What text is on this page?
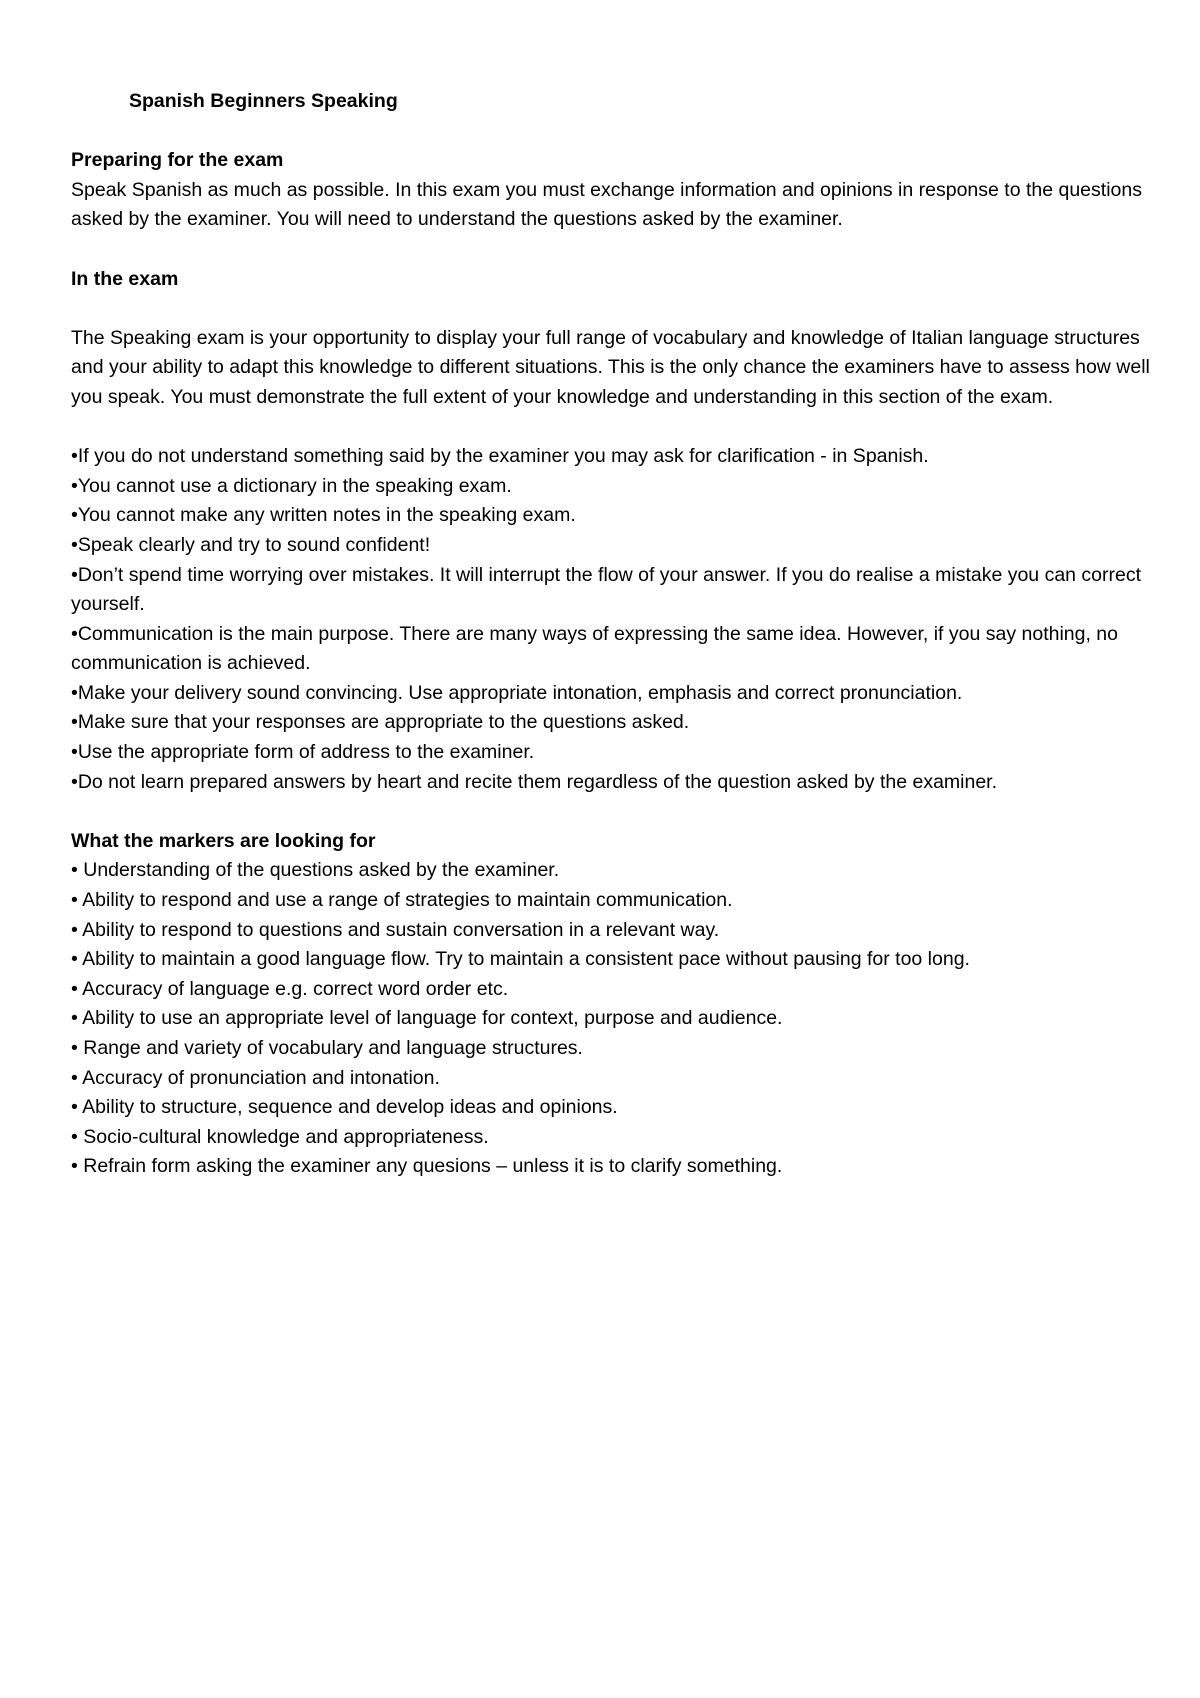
Spanish Beginners Speaking

Preparing for the exam

Speak Spanish as much as possible. In this exam you must exchange information and opinions in response to the questions asked by the examiner. You will need to understand the questions asked by the examiner.

In the exam

The Speaking exam is your opportunity to display your full range of vocabulary and knowledge of Italian language structures and your ability to adapt this knowledge to different situations. This is the only chance the examiners have to assess how well you speak. You must demonstrate the full extent of your knowledge and understanding in this section of the exam.

•If you do not understand something said by the examiner you may ask for clarification - in Spanish.
•You cannot use a dictionary in the speaking exam.
•You cannot make any written notes in the speaking exam.
•Speak clearly and try to sound confident!
•Don’t spend time worrying over mistakes. It will interrupt the flow of your answer. If you do realise a mistake you can correct yourself.
•Communication is the main purpose. There are many ways of expressing the same idea. However, if you say nothing, no communication is achieved.
•Make your delivery sound convincing. Use appropriate intonation, emphasis and correct pronunciation.
•Make sure that your responses are appropriate to the questions asked.
•Use the appropriate form of address to the examiner.
•Do not learn prepared answers by heart and recite them regardless of the question asked by the examiner.

What the markers are looking for

• Understanding of the questions asked by the examiner.
• Ability to respond and use a range of strategies to maintain communication.
• Ability to respond to questions and sustain conversation in a relevant way.
• Ability to maintain a good language flow. Try to maintain a consistent pace without pausing for too long.
• Accuracy of language e.g. correct word order etc.
• Ability to use an appropriate level of language for context, purpose and audience.
• Range and variety of vocabulary and language structures.
• Accuracy of pronunciation and intonation.
• Ability to structure, sequence and develop ideas and opinions.
• Socio-cultural knowledge and appropriateness.
• Refrain form asking the examiner any quesions – unless it is to clarify something.
